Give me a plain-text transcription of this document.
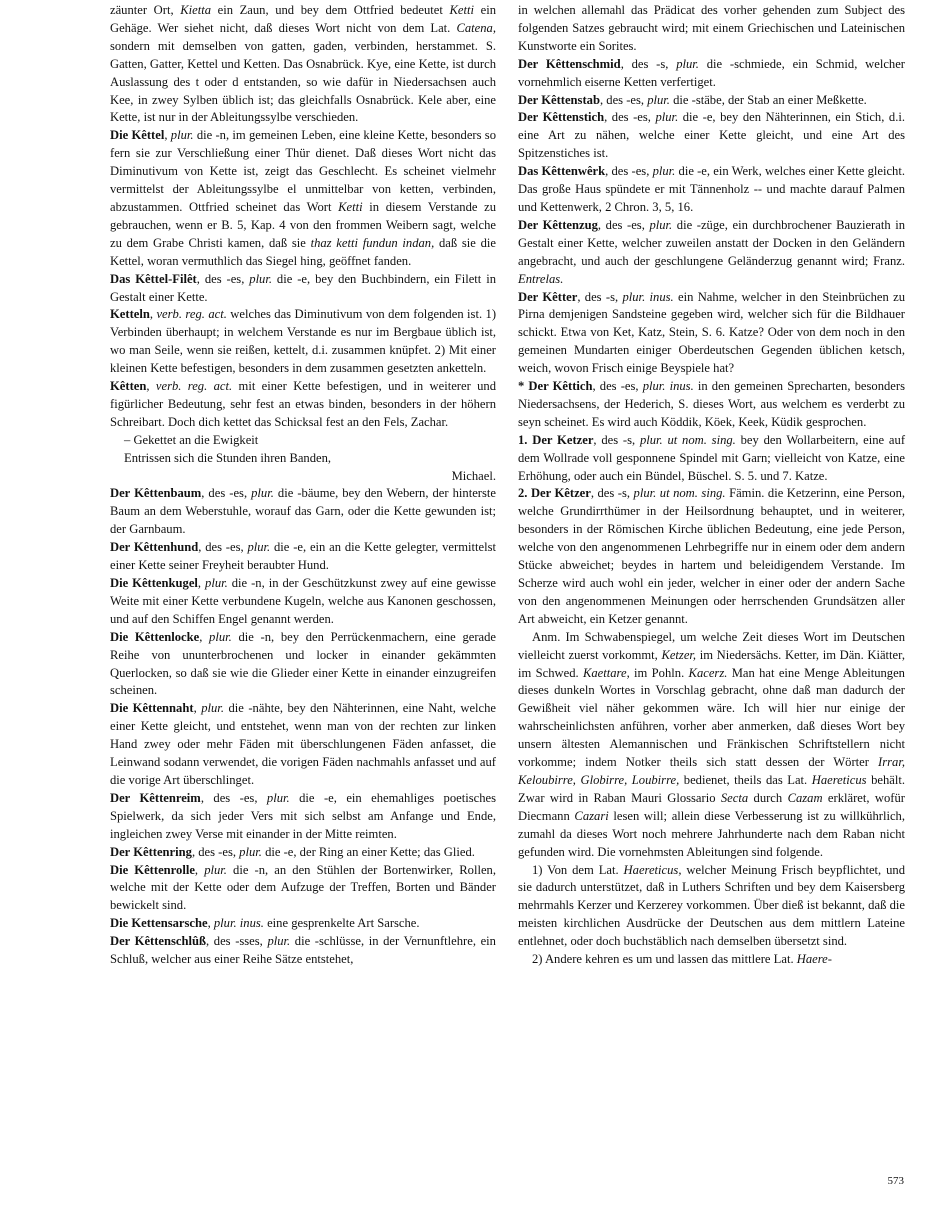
zäunter Ort, Kietta ein Zaun, und bey dem Ottfried bedeutet Ketti ein Gehäge. Wer siehet nicht, daß dieses Wort nicht von dem Lat. Catena, sondern mit demselben von gatten, gaden, verbinden, herstammet. S. Gatten, Gatter, Kettel und Ketten. Das Osnabrück. Kye, eine Kette, ist durch Auslassung des t oder d entstanden, so wie dafür in Niedersachsen auch Kee, in zwey Sylben üblich ist; das gleichfalls Osnabrück. Kele aber, eine Kette, ist nur in der Ableitungssylbe verschieden.

Die Kêttel, plur. die -n, im gemeinen Leben, eine kleine Kette, besonders so fern sie zur Verschließung einer Thür dienet. Daß dieses Wort nicht das Diminutivum von Kette ist, zeigt das Geschlecht. Es scheinet vielmehr vermittelst der Ableitungssylbe el unmittelbar von ketten, verbinden, abzustammen. Ottfried scheinet das Wort Ketti in diesem Verstande zu gebrauchen, wenn er B. 5, Kap. 4 von den frommen Weibern sagt, welche zu dem Grabe Christi kamen, daß sie thaz ketti fundun indan, daß sie die Kettel, woran vermuthlich das Siegel hing, geöffnet fanden.

Das Kêttel-Filêt, des -es, plur. die -e, bey den Buchbindern, ein Filett in Gestalt einer Kette.

Ketteln, verb. reg. act. welches das Diminutivum von dem folgenden ist. 1) Verbinden überhaupt; in welchem Verstande es nur im Bergbaue üblich ist, wo man Seile, wenn sie reißen, kettelt, d.i. zusammen knüpfet. 2) Mit einer kleinen Kette befestigen, besonders in dem zusammen gesetzten anketteln.

Kêtten, verb. reg. act. mit einer Kette befestigen, und in weiterer und figürlicher Bedeutung, sehr fest an etwas binden, besonders in der höhern Schreibart. Doch dich kettet das Schicksal fest an den Fels, Zachar.

– Gekettet an die Ewigkeit

Entrissen sich die Stunden ihren Banden,

Michael.

Der Kêttenbaum, des -es, plur. die -bäume, bey den Webern, der hinterste Baum an dem Weberstuhle, worauf das Garn, oder die Kette gewunden ist; der Garnbaum.

Der Kêttenhund, des -es, plur. die -e, ein an die Kette gelegter, vermittelst einer Kette seiner Freyheit beraubter Hund.

Die Kêttenkugel, plur. die -n, in der Geschützkunst zwey auf eine gewisse Weite mit einer Kette verbundene Kugeln, welche aus Kanonen geschossen, und auf den Schiffen Engel genannt werden.

Die Kêttenlocke, plur. die -n, bey den Perrückenmachern, eine gerade Reihe von ununterbrochenen und locker in einander gekämmten Querlocken, so daß sie wie die Glieder einer Kette in einander einzugreifen scheinen.

Die Kêttennaht, plur. die -nähte, bey den Nähterinnen, eine Naht, welche einer Kette gleicht, und entstehet, wenn man von der rechten zur linken Hand zwey oder mehr Fäden mit überschlungenen Fäden anfasset, die Leinwand sodann verwendet, die vorigen Fäden nachmahls anfasset und auf die vorige Art überschlinget.

Der Kêttenreim, des -es, plur. die -e, ein ehemahliges poetisches Spielwerk, da sich jeder Vers mit sich selbst am Anfange und Ende, ingleichen zwey Verse mit einander in der Mitte reimten.

Der Kêttenring, des -es, plur. die -e, der Ring an einer Kette; das Glied.

Die Kêttenrolle, plur. die -n, an den Stühlen der Bortenwirker, Rollen, welche mit der Kette oder dem Aufzuge der Treffen, Borten und Bänder bewickelt sind.

Die Kettensarsche, plur. inus. eine gesprenkelte Art Sarsche.

Der Kêttenschlûß, des -sses, plur. die -schlüsse, in der Vernunftlehre, ein Schluß, welcher aus einer Reihe Sätze entstehet,

in welchen allemahl das Prädicat des vorher gehenden zum Subject des folgenden Satzes gebraucht wird; mit einem Griechischen und Lateinischen Kunstworte ein Sorites.

Der Kêttenschmid, des -s, plur. die -schmiede, ein Schmid, welcher vornehmlich eiserne Ketten verfertiget.

Der Kêttenstab, des -es, plur. die -stäbe, der Stab an einer Meßkette.

Der Kêttenstich, des -es, plur. die -e, bey den Nähterinnen, ein Stich, d.i. eine Art zu nähen, welche einer Kette gleicht, und eine Art des Spitzenstiches ist.

Das Kêttenwêrk, des -es, plur. die -e, ein Werk, welches einer Kette gleicht. Das große Haus spündete er mit Tännenholz -- und machte darauf Palmen und Kettenwerk, 2 Chron. 3, 5, 16.

Der Kêttenzug, des -es, plur. die -züge, ein durchbrochener Bauzierath in Gestalt einer Kette, welcher zuweilen anstatt der Docken in den Geländern angebracht, und auch der geschlungene Geländerzug genannt wird; Franz. Entrelas.

Der Kêtter, des -s, plur. inus. ein Nahme, welcher in den Steinbrüchen zu Pirna demjenigen Sandsteine gegeben wird, welcher sich für die Bildhauer schickt. Etwa von Ket, Katz, Stein, S. 6. Katze? Oder von dem noch in den gemeinen Mundarten einiger Oberdeutschen Gegenden üblichen ketsch, weich, wovon Frisch einige Beyspiele hat?

* Der Kêttich, des -es, plur. inus. in den gemeinen Sprecharten, besonders Niedersachsens, der Hederich, S. dieses Wort, aus welchem es verderbt zu seyn scheinet. Es wird auch Köddik, Köek, Keek, Küdik gesprochen.

1. Der Ketzer, des -s, plur. ut nom. sing. bey den Wollarbeitern, eine auf dem Wollrade voll gesponnene Spindel mit Garn; vielleicht von Katze, eine Erhöhung, oder auch ein Bündel, Büschel. S. 5. und 7. Katze.

2. Der Kêtzer, des -s, plur. ut nom. sing. Fämin. die Ketzerinn, eine Person, welche Grundirrthümer in der Heilsordnung behauptet, und in weiterer, besonders in der Römischen Kirche üblichen Bedeutung, eine jede Person, welche von den angenommenen Lehrbegriffe nur in einem oder dem andern Stücke abweichet; beydes in hartem und beleidigendem Verstande. Im Scherze wird auch wohl ein jeder, welcher in einer oder der andern Sache von den angenommenen Meinungen oder herrschenden Grundsätzen aller Art abweicht, ein Ketzer genannt.

Anm. Im Schwabenspiegel, um welche Zeit dieses Wort im Deutschen vielleicht zuerst vorkommt, Ketzer, im Niedersächs. Ketter, im Dän. Kiätter, im Schwed. Kaettare, im Pohln. Kacerz. Man hat eine Menge Ableitungen dieses dunkeln Wortes in Vorschlag gebracht, ohne daß man dadurch der Gewißheit viel näher gekommen wäre. Ich will hier nur einige der wahrscheinlichsten anführen, vorher aber anmerken, daß dieses Wort bey unsern ältesten Alemannischen und Fränkischen Schriftstellern nicht vorkomme; indem Notker theils sich statt dessen der Wörter Irrar, Keloubirre, Globirre, Loubirre, bedienet, theils das Lat. Haereticus behält. Zwar wird in Raban Mauri Glossario Secta durch Cazam erkläret, wofür Diecmann Cazari lesen will; allein diese Verbesserung ist zu willkührlich, zumahl da dieses Wort noch mehrere Jahrhunderte nach dem Raban nicht gefunden wird. Die vornehmsten Ableitungen sind folgende.

1) Von dem Lat. Haereticus, welcher Meinung Frisch beypflichtet, und sie dadurch unterstützet, daß in Luthers Schriften und bey dem Kaisersberg mehrmahls Kerzer und Kerzerey vorkommen. Über dieß ist bekannt, daß die meisten kirchlichen Ausdrücke der Deutschen aus dem mittlern Lateine entlehnet, oder doch buchstäblich nach demselben übersetzt sind.

2) Andere kehren es um und lassen das mittlere Lat. Haere-

573
